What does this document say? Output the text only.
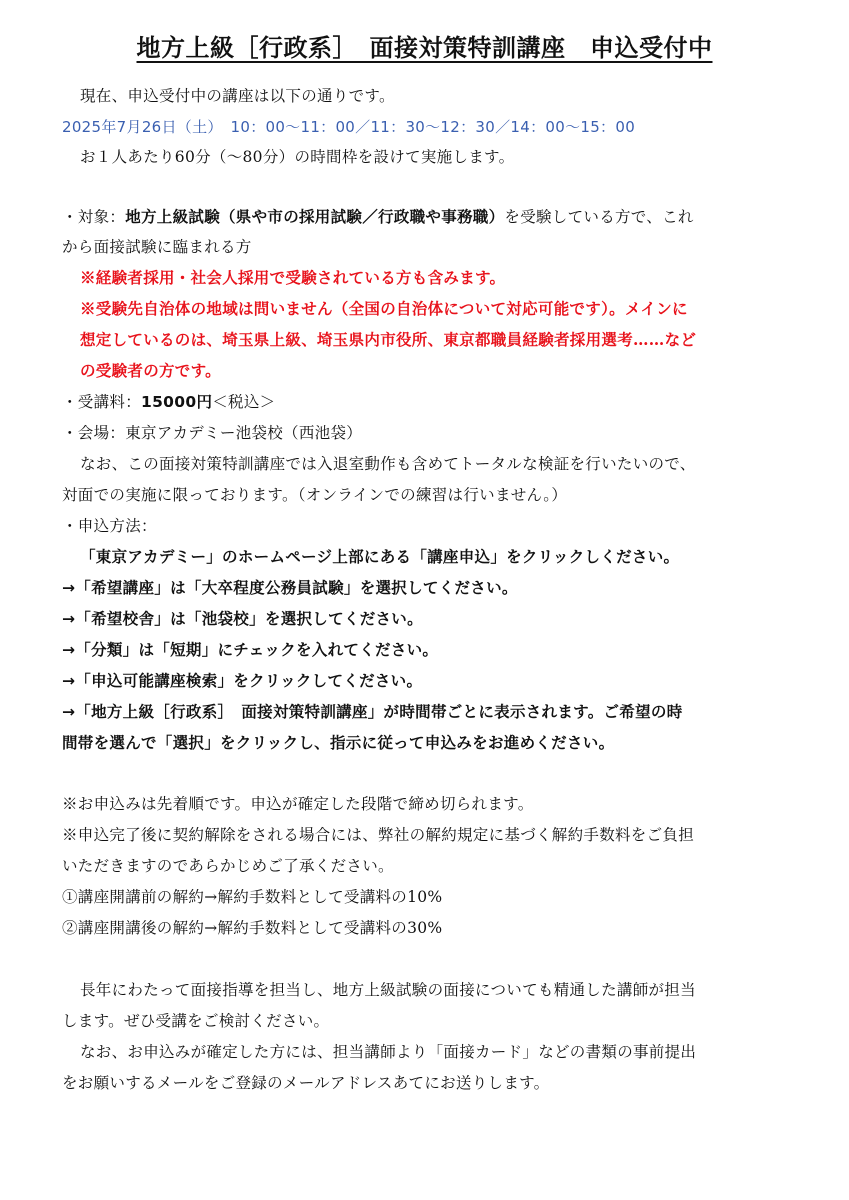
地方上級［行政系］　面接対策特訓講座　申込受付中
現在、申込受付中の講座は以下の通りです。
2025年7月26日（土）　10：00〜11：00／11：30〜12：30／14：00〜15：00
お１人あたり60分（〜80分）の時間枠を設けて実施します。
・対象：地方上級試験（県や市の採用試験／行政職や事務職）を受験している方で、これ
から面接試験に臨まれる方
※経験者採用・社会人採用で受験されている方も含みます。
※受験先自治体の地域は問いません（全国の自治体について対応可能です）。メインに
想定しているのは、埼玉県上級、埼玉県内市役所、東京都職員経験者採用選考……など
の受験者の方です。
・受講料：15000円＜税込＞
・会場：東京アカデミー池袋校（西池袋）
なお、この面接対策特訓講座では入退室動作も含めてトータルな検証を行いたいので、
対面での実施に限っております。（オンラインでの練習は行いません。）
・申込方法：
「東京アカデミー」のホームページ上部にある「講座申込」をクリックしください。
→「希望講座」は「大卒程度公務員試験」を選択してください。
→「希望校舎」は「池袋校」を選択してください。
→「分類」は「短期」にチェックを入れてください。
→「申込可能講座検索」をクリックしてください。
→「地方上級［行政系］　面接対策特訓講座」が時間帯ごとに表示されます。ご希望の時
間帯を選んで「選択」をクリックし、指示に従って申込みをお進めください。
※お申込みは先着順です。申込が確定した段階で締め切られます。
※申込完了後に契約解除をされる場合には、弊社の解約規定に基づく解約手数料をご負担
いただきますのであらかじめご了承ください。
①講座開講前の解約→解約手数料として受講料の10%
②講座開講後の解約→解約手数料として受講料の30%
長年にわたって面接指導を担当し、地方上級試験の面接についても精通した講師が担当
します。ぜひ受講をご検討ください。
なお、お申込みが確定した方には、担当講師より「面接カード」などの書類の事前提出
をお願いするメールをご登録のメールアドレスあてにお送りします。
